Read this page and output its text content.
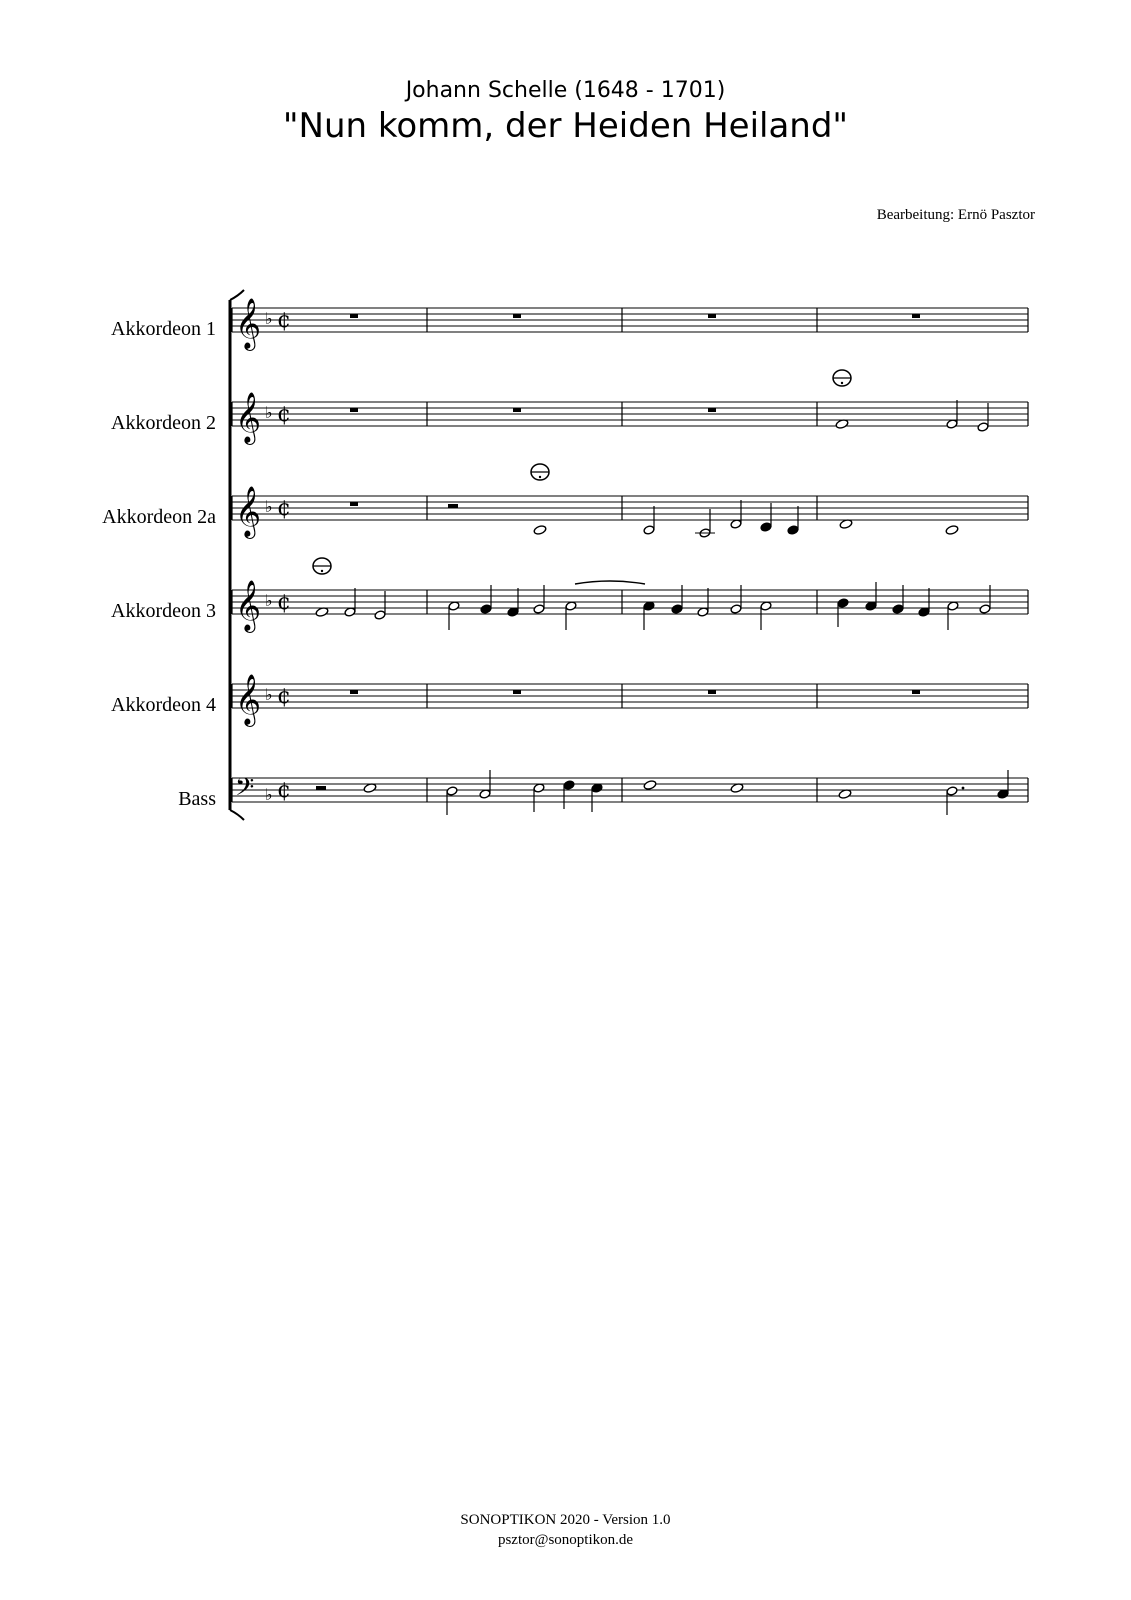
Johann Schelle (1648 - 1701)
"Nun komm, der Heiden Heiland"
Bearbeitung: Ernö Pasztor
Akkordeon 1
Akkordeon 2
Akkordeon 2a
Akkordeon 3
Akkordeon 4
Bass
𝄞 ♭ ¢
𝄞 ♭ ¢
𝄞 ♭ ¢
𝄞 ♭ ¢
𝄞 ♭ ¢
𝄢 ♭ ¢
SONOPTIKON 2020 - Version 1.0
psztor@sonoptikon.de
